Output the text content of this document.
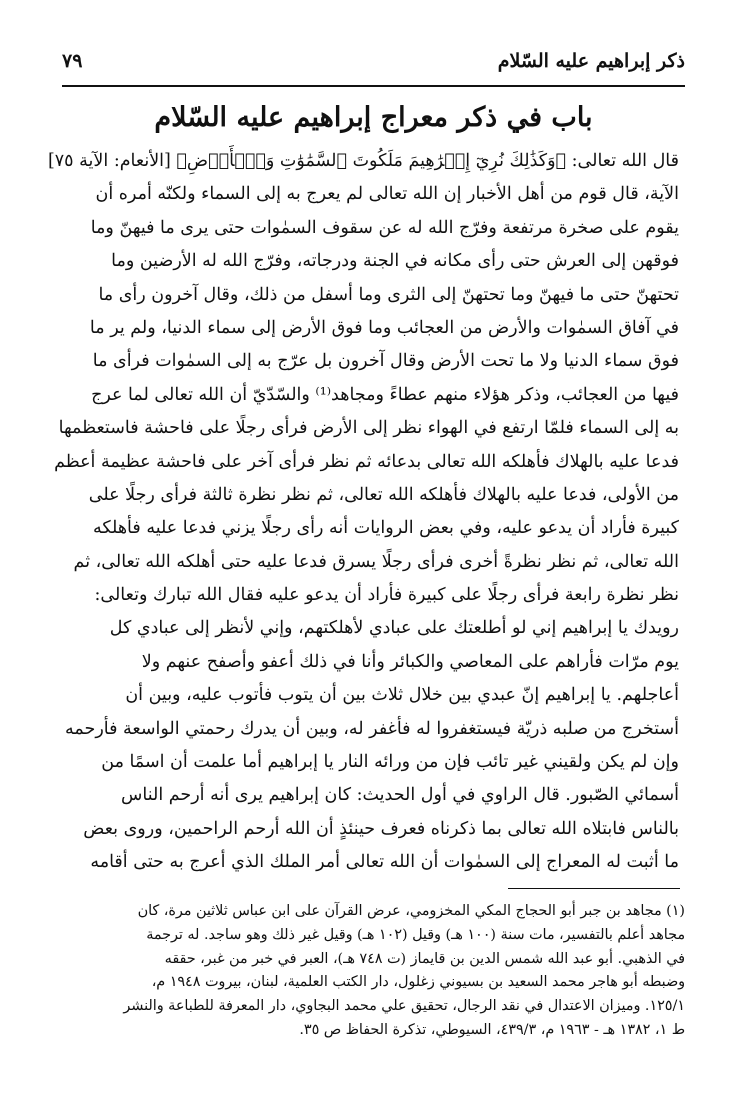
ذكر إبراهيم عليه السّلام
٧٩
باب في ذكر معراج إبراهيم عليه السّلام
قال الله تعالى: ﴿وَكَذَٰلِكَ نُرِيٓ إِبۡرَٰهِيمَ مَلَكُوتَ ٱلسَّمَٰوَٰتِ وَٱلۡأَرۡضِ﴾ [الأنعام: الآية ٧٥]
الآية، قال قوم من أهل الأخبار إن الله تعالى لم يعرج به إلى السماء ولكنّه أمره أن
يقوم على صخرة مرتفعة وفرّج الله له عن سقوف السمٰوات حتى يرى ما فيهنّ وما
فوقهن إلى العرش حتى رأى مكانه في الجنة ودرجاته، وفرّج الله له الأرضين وما
تحتهنّ حتى ما فيهنّ وما تحتهنّ إلى الثرى وما أسفل من ذلك، وقال آخرون رأى ما
في آفاق السمٰوات والأرض من العجائب وما فوق الأرض إلى سماء الدنيا، ولم ير ما
فوق سماء الدنيا ولا ما تحت الأرض وقال آخرون بل عرّج به إلى السمٰوات فرأى ما
فيها من العجائب، وذكر هؤلاء منهم عطاءً ومجاهد⁽¹⁾ والسّدّيّ أن الله تعالى لما عرج
به إلى السماء فلمّا ارتفع في الهواء نظر إلى الأرض فرأى رجلًا على فاحشة فاستعظمها
فدعا عليه بالهلاك فأهلكه الله تعالى بدعائه ثم نظر فرأى آخر على فاحشة عظيمة أعظم
من الأولى، فدعا عليه بالهلاك فأهلكه الله تعالى، ثم نظر نظرة ثالثة فرأى رجلًا على
كبيرة فأراد أن يدعو عليه، وفي بعض الروايات أنه رأى رجلًا يزني فدعا عليه فأهلكه
الله تعالى، ثم نظر نظرةً أخرى فرأى رجلًا يسرق فدعا عليه حتى أهلكه الله تعالى، ثم
نظر نظرة رابعة فرأى رجلًا على كبيرة فأراد أن يدعو عليه فقال الله تبارك وتعالى:
رويدك يا إبراهيم إني لو أطلعتك على عبادي لأهلكتهم، وإني لأنظر إلى عبادي كل
يوم مرّات فأراهم على المعاصي والكبائر وأنا في ذلك أعفو وأصفح عنهم ولا
أعاجلهم. يا إبراهيم إنّ عبدي بين خلال ثلاث بين أن يتوب فأتوب عليه، وبين أن
أستخرج من صلبه ذريّة فيستغفروا له فأغفر له، وبين أن يدرك رحمتي الواسعة فأرحمه
وإن لم يكن ولقيني غير تائب فإن من ورائه النار يا إبراهيم أما علمت أن اسمًا من
أسمائي الصّبور. قال الراوي في أول الحديث: كان إبراهيم يرى أنه أرحم الناس
بالناس فابتلاه الله تعالى بما ذكرناه فعرف حينئذٍ أن الله أرحم الراحمين، وروى بعض
ما أثبت له المعراج إلى السمٰوات أن الله تعالى أمر الملك الذي أعرج به حتى أقامه
(١) مجاهد بن جبر أبو الحجاج المكي المخزومي، عرض القرآن على ابن عباس ثلاثين مرة، كان
مجاهد أعلم بالتفسير، مات سنة (١٠٠ هـ) وقيل (١٠٢ هـ) وقيل غير ذلك وهو ساجد. له ترجمة
في الذهبي. أبو عبد الله شمس الدين بن قايماز (ت ٧٤٨ هـ)، العبر في خبر من غبر، حققه
وضبطه أبو هاجر محمد السعيد بن بسيوني زغلول، دار الكتب العلمية، لبنان، بيروت ١٩٤٨ م،
١٢٥/١. وميزان الاعتدال في نقد الرجال، تحقيق علي محمد البجاوي، دار المعرفة للطباعة والنشر
ط ١، ١٣٨٢ هـ - ١٩٦٣ م، ٤٣٩/٣، السيوطي، تذكرة الحفاظ ص ٣٥.
